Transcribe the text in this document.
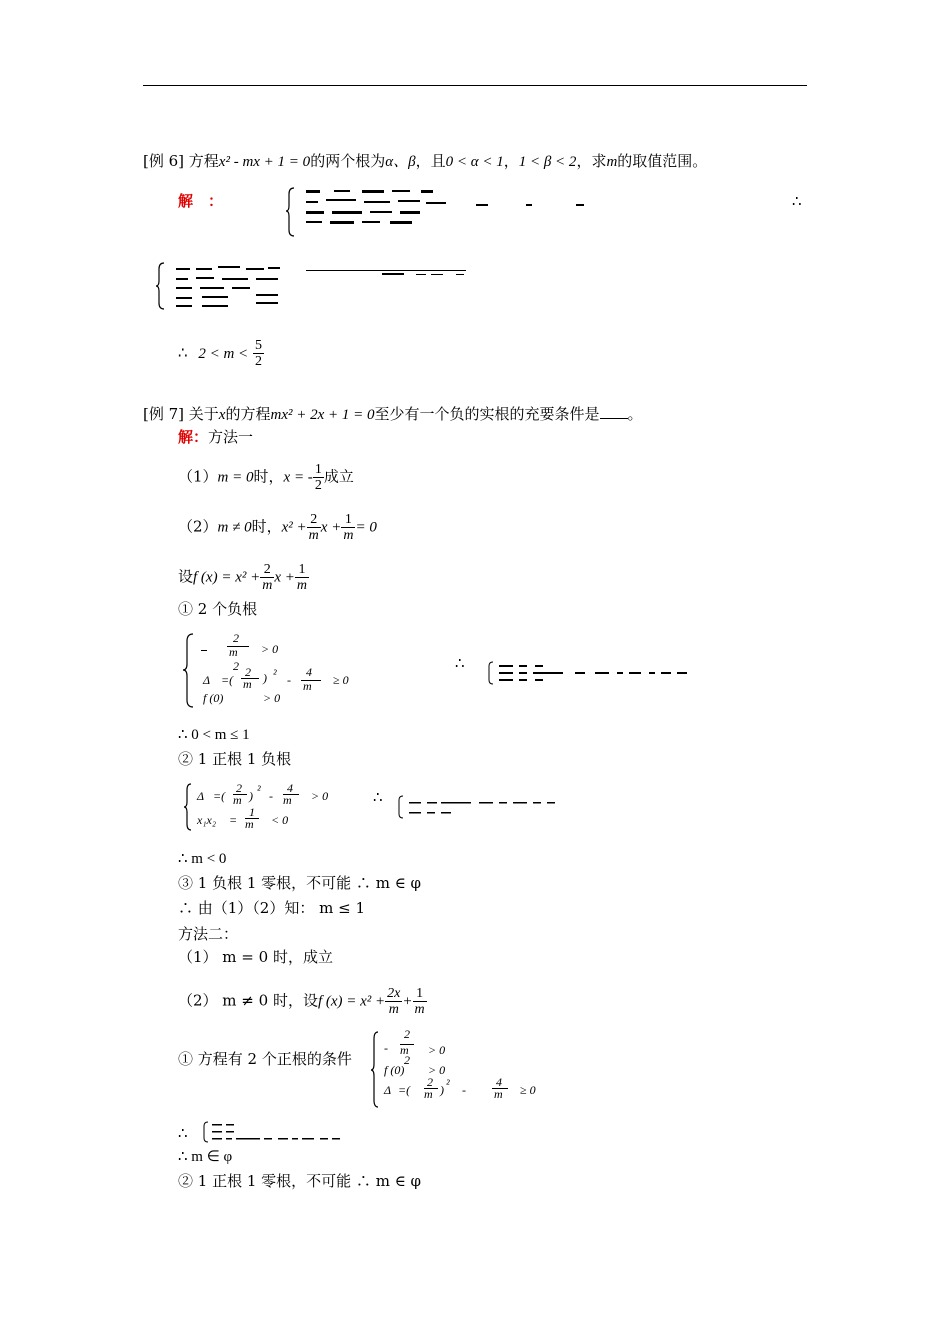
[例 6] 方程x² - mx + 1 = 0的两个根为α、β，且0 < α < 1，1 < β < 2，求m的取值范围。
解　：	∴
∴ $2 < m < \frac{5}{2}$
[例 7] 关于x的方程mx² + 2x + 1 = 0至少有一个负的实根的充要条件是 。
解：方法一
（1）m = 0时，x = - $\frac{1}{2}$ 成立
（2）m ≠ 0时，$x^2 + \frac{2}{m}$ $x + \frac{1}{m} = 0$
设f $(x) = x^2 + \frac{2}{m}$ $x + \frac{1}{m}$
① 2 个负根
2
m > 0
2
Δ =(
2
m ) ² -
4
m ≥ 0
f (0)	> 0
∴
∴ 0 < m ≤ 1
② 1 正根 1 负根
Δ =(
2
m ) ² -
4
m > 0
x₁x₂ =
1
m < 0
∴
∴ m < 0
③ 1 负根 1 零根，不可能 ∴ m ∈ φ
∴ 由（1）（2）知： m ≤ 1
方法二：
（1） m = 0 时，成立
（2） m ≠ 0 时，设f $(x) = x^2 + \frac{2x}{m} + \frac{1}{m}$
① 方程有 2 个正根的条件
2
- m > 0
2
f (0) > 0
Δ =(
2
m ) ² -
4
m ≥ 0
∴
∴ m ∈ φ
② 1 正根 1 零根，不可能 ∴ m ∈ φ
